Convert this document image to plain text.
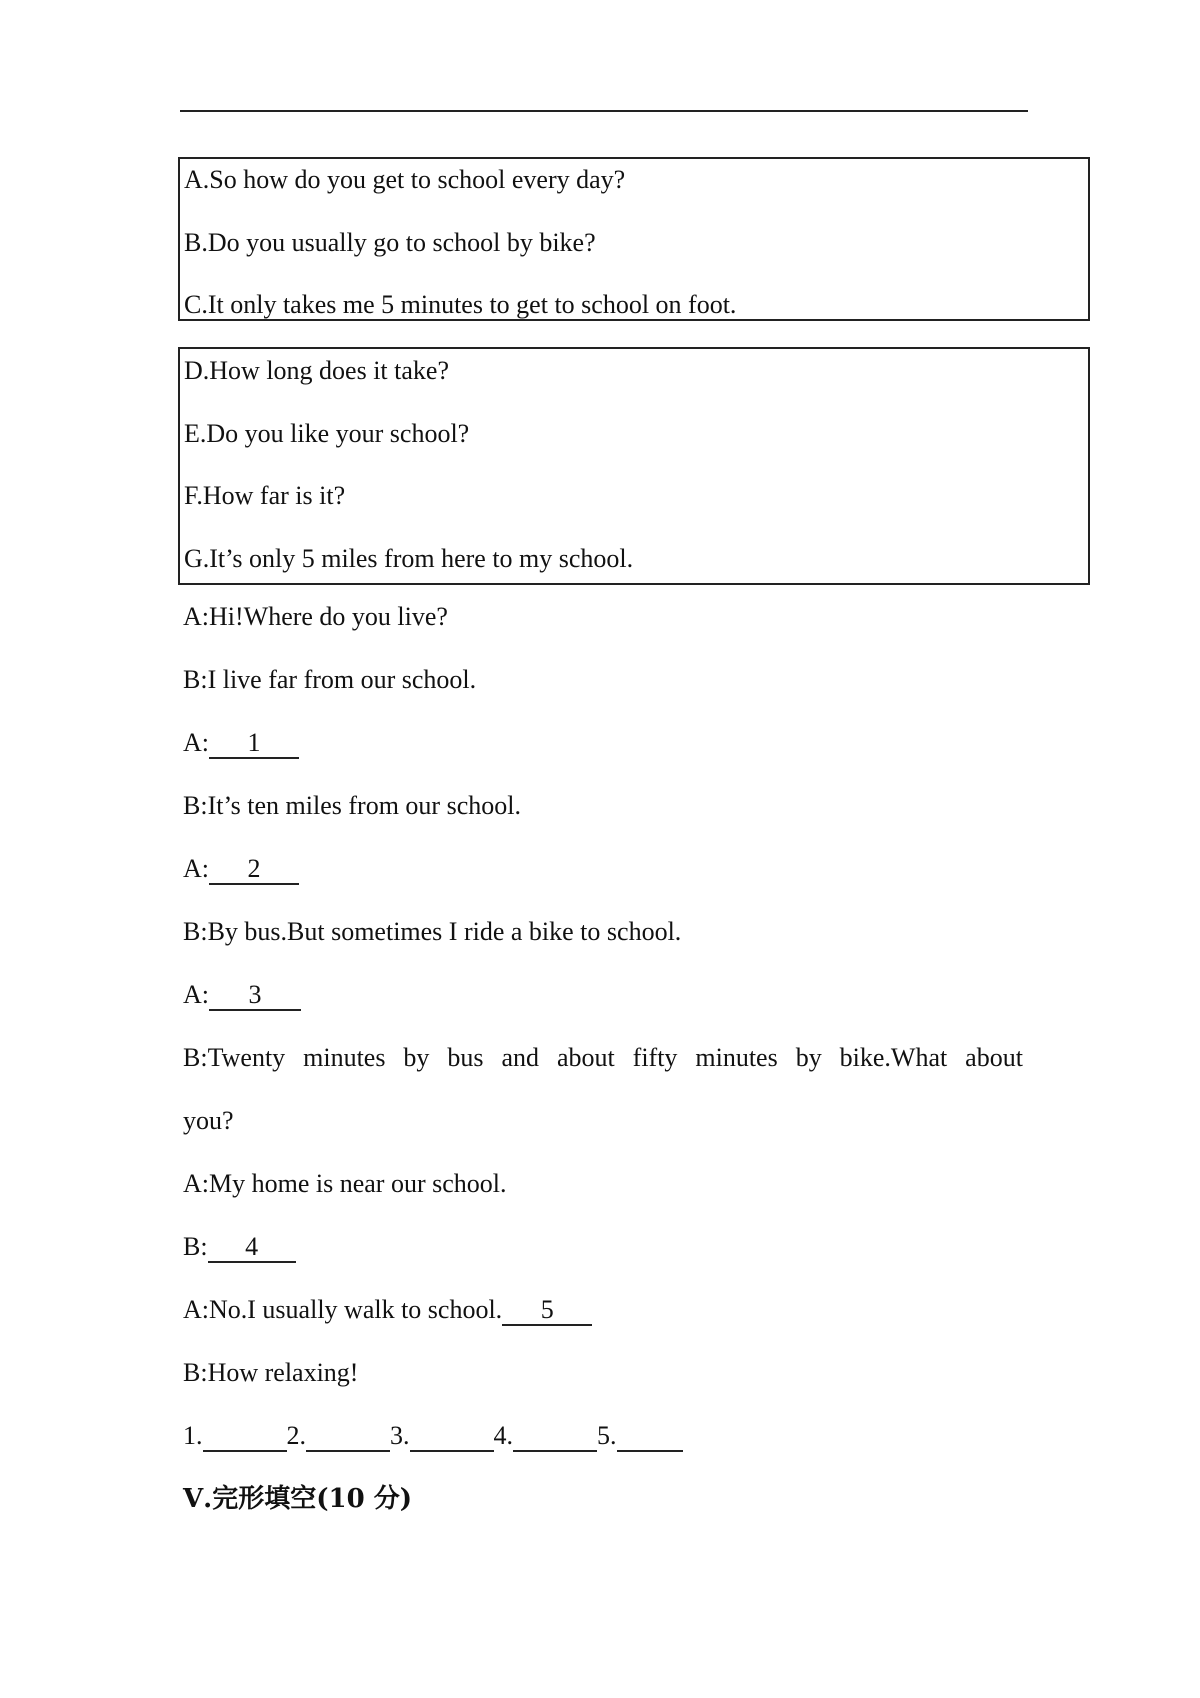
A.So how do you get to school every day?
B.Do you usually go to school by bike?
C.It only takes me 5 minutes to get to school on foot.
D.How long does it take?
E.Do you like your school?
F.How far is it?
G.It’s only 5 miles from here to my school.
A:Hi!Where do you live?
B:I live far from our school.
A: 1
B:It’s ten miles from our school.
A: 2
B:By bus.But sometimes I ride a bike to school.
A: 3
B:Twenty minutes by bus and about fifty minutes by bike.What about
you?
A:My home is near our school.
B: 4
A:No.I usually walk to school. 5
B:How relaxing!
1.	2.	3.	4.	5.
Ⅴ.完形填空(10 分)
